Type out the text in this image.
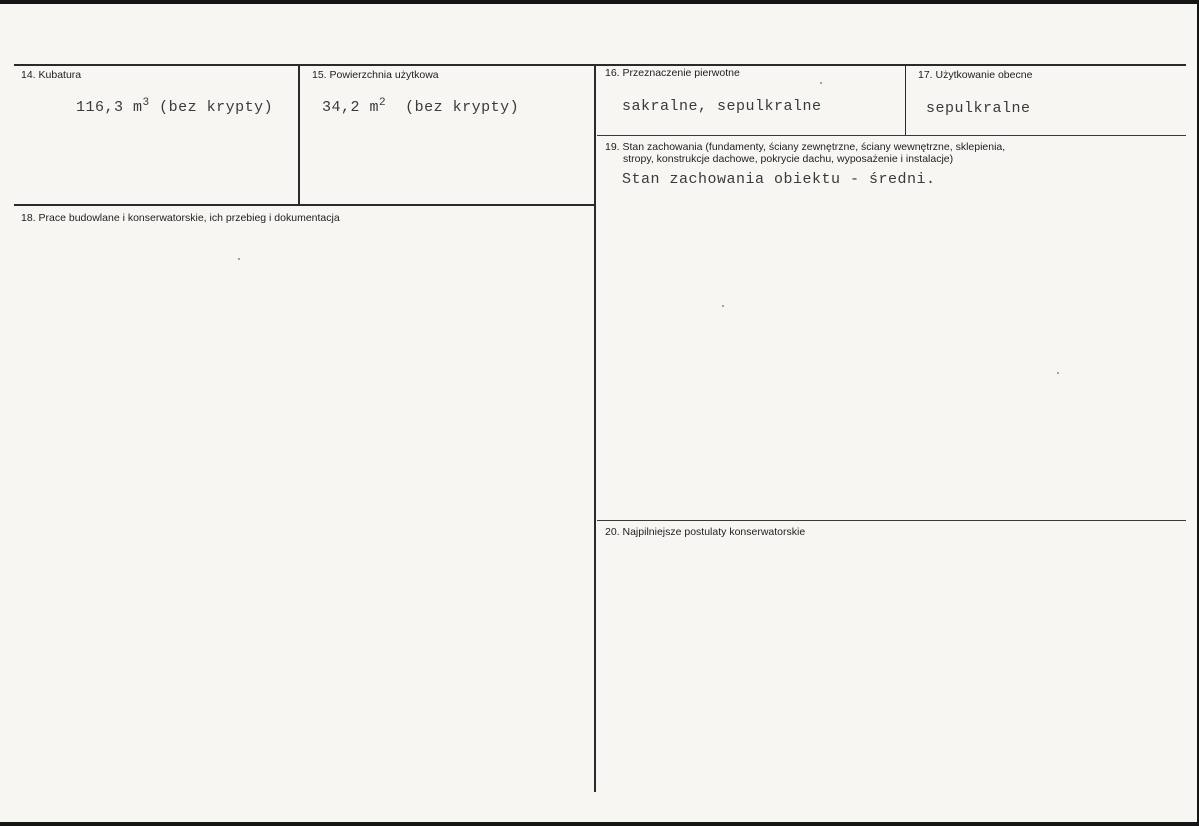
14. Kubatura
116,3 $m^3$ (bez krypty)
15. Powierzchnia użytkowa
34,2 $m^2$  (bez krypty)
16. Przeznaczenie pierwotne
sakralne, sepulkralne
17. Użytkowanie obecne
sepulkralne
18. Prace budowlane i konserwatorskie, ich przebieg i dokumentacja
19. Stan zachowania (fundamenty, ściany zewnętrzne, ściany wewnętrzne, sklepienia,
stropy, konstrukcje dachowe, pokrycie dachu, wyposażenie i instalacje)
Stan zachowania obiektu - średni.
20. Najpilniejsze postulaty konserwatorskie
